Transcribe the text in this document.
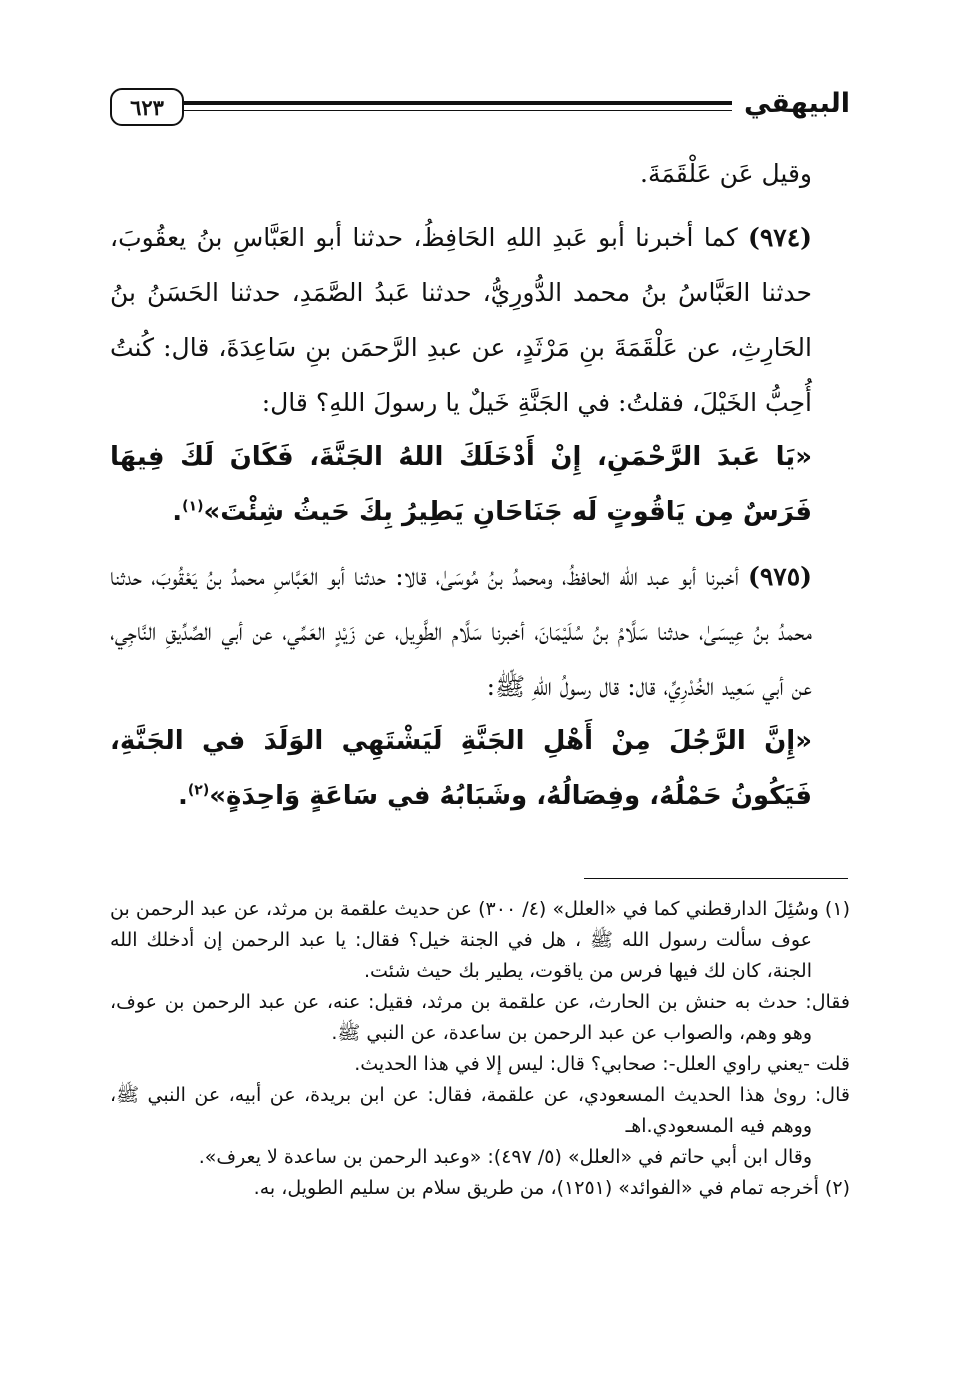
٦٢٣	البيهقي

وقيل عَن عَلْقَمَةَ.

(٩٧٤) كما أخبرنا أبو عَبدِ اللهِ الحَافِظُ، حدثنا أبو العَبَّاسِ بنُ يعقُوبَ، حدثنا العَبَّاسُ بنُ محمد الدُّورِيُّ، حدثنا عَبدُ الصَّمَدِ، حدثنا الحَسَنُ بنُ الحَارِثِ، عن عَلْقَمَةَ بنِ مَرْثَدٍ، عن عبدِ الرَّحمَن بنِ سَاعِدَةَ، قال: كُنتُ أُحِبُّ الخَيْلَ، فقلتُ: في الجَنَّةِ خَيلٌ يا رسولَ اللهِ؟ قال:

«يَا عَبدَ الرَّحْمَنِ، إِنْ أَدْخَلَكَ اللهُ الجَنَّةَ، فَكَانَ لَكَ فِيهَا فَرَسٌ مِن يَاقُوتٍ لَه جَنَاحَانِ يَطِيرُ بِكَ حَيثُ شِئْتَ»$^{(١)}$.

(٩٧٥) أخبرنا أبو عبد الله الحافظُ، ومحمدُ بنُ مُوسَىٰ، قالا: حدثنا أبو العَبَّاسِ محمدُ بنُ يَعْقُوبَ، حدثنا محمدُ بنُ عِيسَىٰ، حدثنا سَلَّامُ بنُ سُلَيْمَانَ، أخبرنا سَلَّام الطَّوِيل، عن زَيْدٍ العَمِّي، عن أبي الصِّدِّيقِ النَّاجِي، عن أبي سَعِيد الخُدْرِيِّ، قال: قال رسولُ اللهِ ﷺ:

«إِنَّ الرَّجُلَ مِنْ أَهْلِ الجَنَّةِ لَيَشْتَهِي الوَلَدَ في الجَنَّةِ، فَيَكُونُ حَمْلُهُ، وفِصَالُهُ، وشَبَابُهُ في سَاعَةٍ وَاحِدَةٍ»$^{(٢)}$.

(١) وسُئِلَ الدارقطني كما في «العلل» (٤/ ٣٠٠) عن حديث علقمة بن مرثد، عن عبد الرحمن بن عوف سألت رسول الله ﷺ ، هل في الجنة خيل؟ فقال: يا عبد الرحمن إن أدخلك الله الجنة، كان لك فيها فرس من ياقوت، يطير بك حيث شئت.

فقال: حدث به حنش بن الحارث، عن علقمة بن مرثد، فقيل: عنه، عن عبد الرحمن بن عوف، وهو وهم، والصواب عن عبد الرحمن بن ساعدة، عن النبي ﷺ.

قلت -يعني راوي العلل-: صحابي؟ قال: ليس إلا في هذا الحديث.

قال: روىٰ هذا الحديث المسعودي، عن علقمة، فقال: عن ابن بريدة، عن أبيه، عن النبي ﷺ، ووهم فيه المسعودي.اهـ

وقال ابن أبي حاتم في «العلل» (٥/ ٤٩٧): «وعبد الرحمن بن ساعدة لا يعرف».

(٢) أخرجه تمام في «الفوائد» (١٢٥١)، من طريق سلام بن سليم الطويل، به.
